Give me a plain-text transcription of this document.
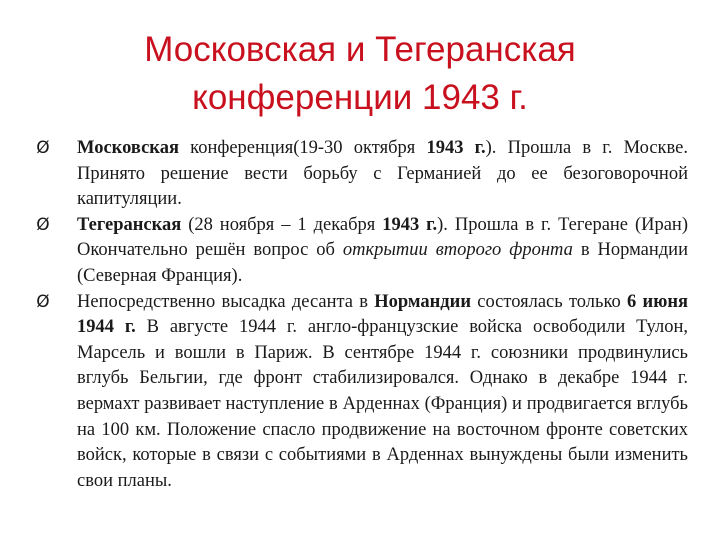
Московская и Тегеранская
конференции 1943 г.
Ø Московская конференция(19-30 октября 1943 г.). Прошла в г. Москве. Принято решение вести борьбу с Германией до ее безоговорочной капитуляции.
Ø Тегеранская (28 ноября – 1 декабря 1943 г.). Прошла в г. Тегеране (Иран) Окончательно решён вопрос об открытии второго фронта в Нормандии (Северная Франция).
Ø Непосредственно высадка десанта в Нормандии состоялась только 6 июня 1944 г. В августе 1944 г. англо-французские войска освободили Тулон, Марсель и вошли в Париж. В сентябре 1944 г. союзники продвинулись вглубь Бельгии, где фронт стабилизировался. Однако в декабре 1944 г. вермахт развивает наступление в Арденнах (Франция) и продвигается вглубь на 100 км. Положение спасло продвижение на восточном фронте советских войск, которые в связи с событиями в Арденнах вынуждены были изменить свои планы.
